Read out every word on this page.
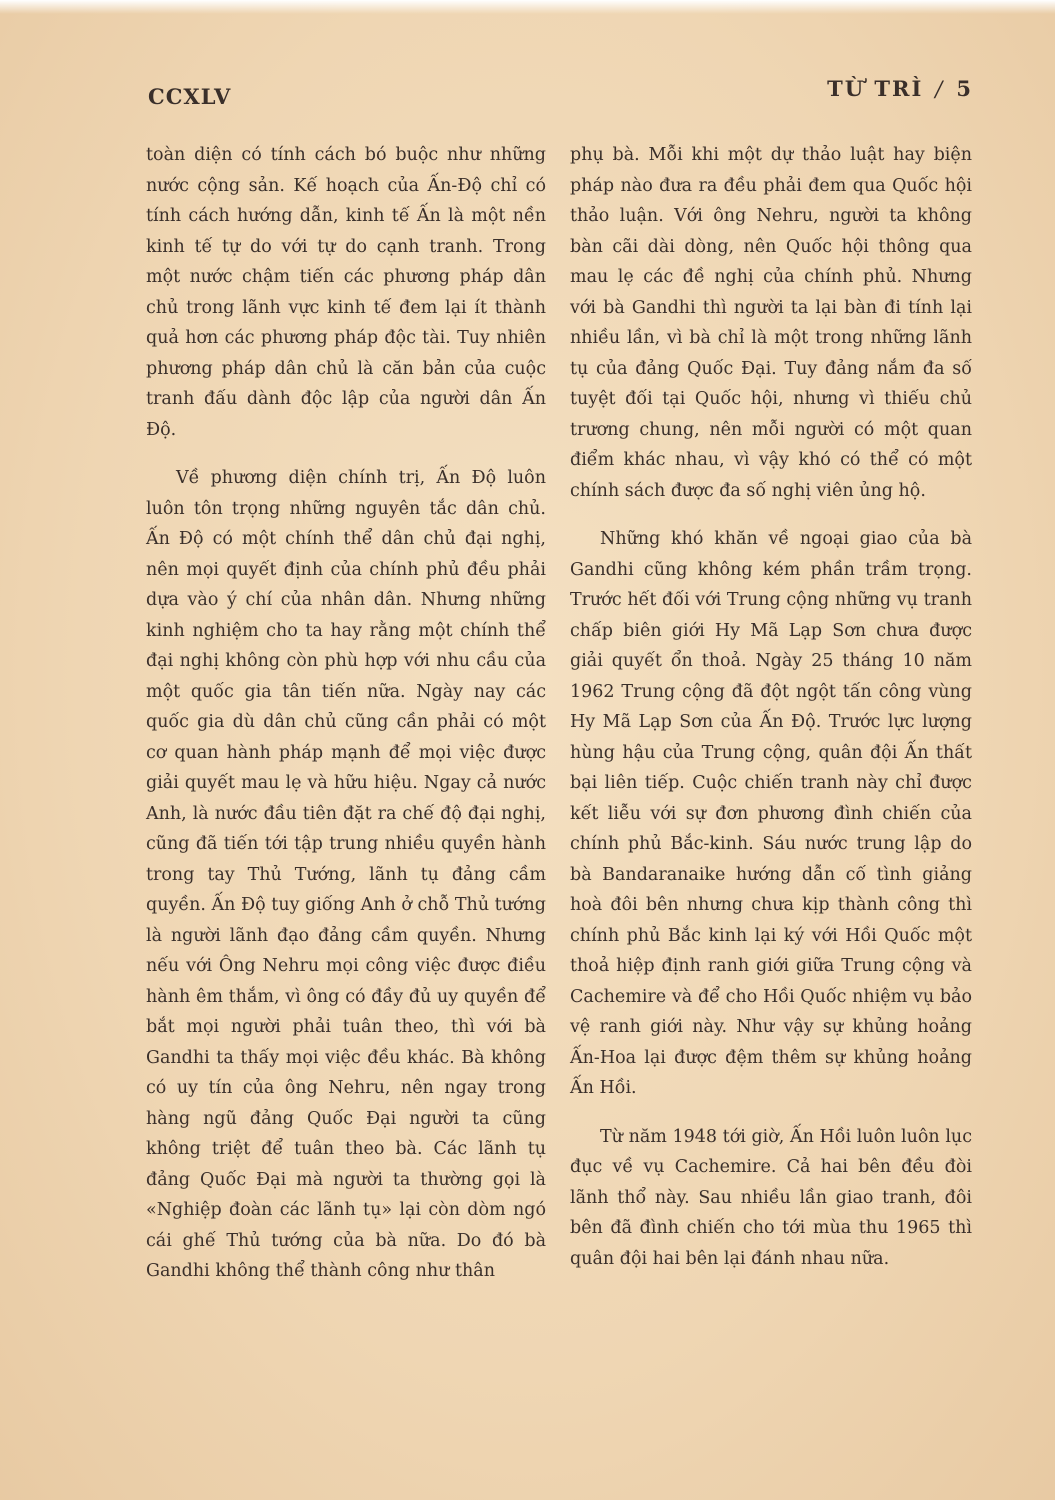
CCXLV	TỪ TRÌ / 5

toàn diện có tính cách bó buộc như những nước cộng sản. Kế hoạch của Ấn-Độ chỉ có tính cách hướng dẫn, kinh tế Ấn là một nền kinh tế tự do với tự do cạnh tranh. Trong một nước chậm tiến các phương pháp dân chủ trong lãnh vực kinh tế đem lại ít thành quả hơn các phương pháp độc tài. Tuy nhiên phương pháp dân chủ là căn bản của cuộc tranh đấu dành độc lập của người dân Ấn Độ.

Về phương diện chính trị, Ấn Độ luôn luôn tôn trọng những nguyên tắc dân chủ. Ấn Độ có một chính thể dân chủ đại nghị, nên mọi quyết định của chính phủ đều phải dựa vào ý chí của nhân dân. Nhưng những kinh nghiệm cho ta hay rằng một chính thể đại nghị không còn phù hợp với nhu cầu của một quốc gia tân tiến nữa. Ngày nay các quốc gia dù dân chủ cũng cần phải có một cơ quan hành pháp mạnh để mọi việc được giải quyết mau lẹ và hữu hiệu. Ngay cả nước Anh, là nước đầu tiên đặt ra chế độ đại nghị, cũng đã tiến tới tập trung nhiều quyền hành trong tay Thủ Tướng, lãnh tụ đảng cầm quyền. Ấn Độ tuy giống Anh ở chỗ Thủ tướng là người lãnh đạo đảng cầm quyền. Nhưng nếu với Ông Nehru mọi công việc được điều hành êm thắm, vì ông có đầy đủ uy quyền để bắt mọi người phải tuân theo, thì với bà Gandhi ta thấy mọi việc đều khác. Bà không có uy tín của ông Nehru, nên ngay trong hàng ngũ đảng Quốc Đại người ta cũng không triệt để tuân theo bà. Các lãnh tụ đảng Quốc Đại mà người ta thường gọi là «Nghiệp đoàn các lãnh tụ» lại còn dòm ngó cái ghế Thủ tướng của bà nữa. Do đó bà Gandhi không thể thành công như thân

phụ bà. Mỗi khi một dự thảo luật hay biện pháp nào đưa ra đều phải đem qua Quốc hội thảo luận. Với ông Nehru, người ta không bàn cãi dài dòng, nên Quốc hội thông qua mau lẹ các đề nghị của chính phủ. Nhưng với bà Gandhi thì người ta lại bàn đi tính lại nhiều lần, vì bà chỉ là một trong những lãnh tụ của đảng Quốc Đại. Tuy đảng nắm đa số tuyệt đối tại Quốc hội, nhưng vì thiếu chủ trương chung, nên mỗi người có một quan điểm khác nhau, vì vậy khó có thể có một chính sách được đa số nghị viên ủng hộ.

Những khó khăn về ngoại giao của bà Gandhi cũng không kém phần trầm trọng. Trước hết đối với Trung cộng những vụ tranh chấp biên giới Hy Mã Lạp Sơn chưa được giải quyết ổn thoả. Ngày 25 tháng 10 năm 1962 Trung cộng đã đột ngột tấn công vùng Hy Mã Lạp Sơn của Ấn Độ. Trước lực lượng hùng hậu của Trung cộng, quân đội Ấn thất bại liên tiếp. Cuộc chiến tranh này chỉ được kết liễu với sự đơn phương đình chiến của chính phủ Bắc-kinh. Sáu nước trung lập do bà Bandaranaike hướng dẫn cố tình giảng hoà đôi bên nhưng chưa kịp thành công thì chính phủ Bắc kinh lại ký với Hồi Quốc một thoả hiệp định ranh giới giữa Trung cộng và Cachemire và để cho Hồi Quốc nhiệm vụ bảo vệ ranh giới này. Như vậy sự khủng hoảng Ấn-Hoa lại được đệm thêm sự khủng hoảng Ấn Hồi.

Từ năm 1948 tới giờ, Ấn Hồi luôn luôn lục đục về vụ Cachemire. Cả hai bên đều đòi lãnh thổ này. Sau nhiều lần giao tranh, đôi bên đã đình chiến cho tới mùa thu 1965 thì quân đội hai bên lại đánh nhau nữa.
